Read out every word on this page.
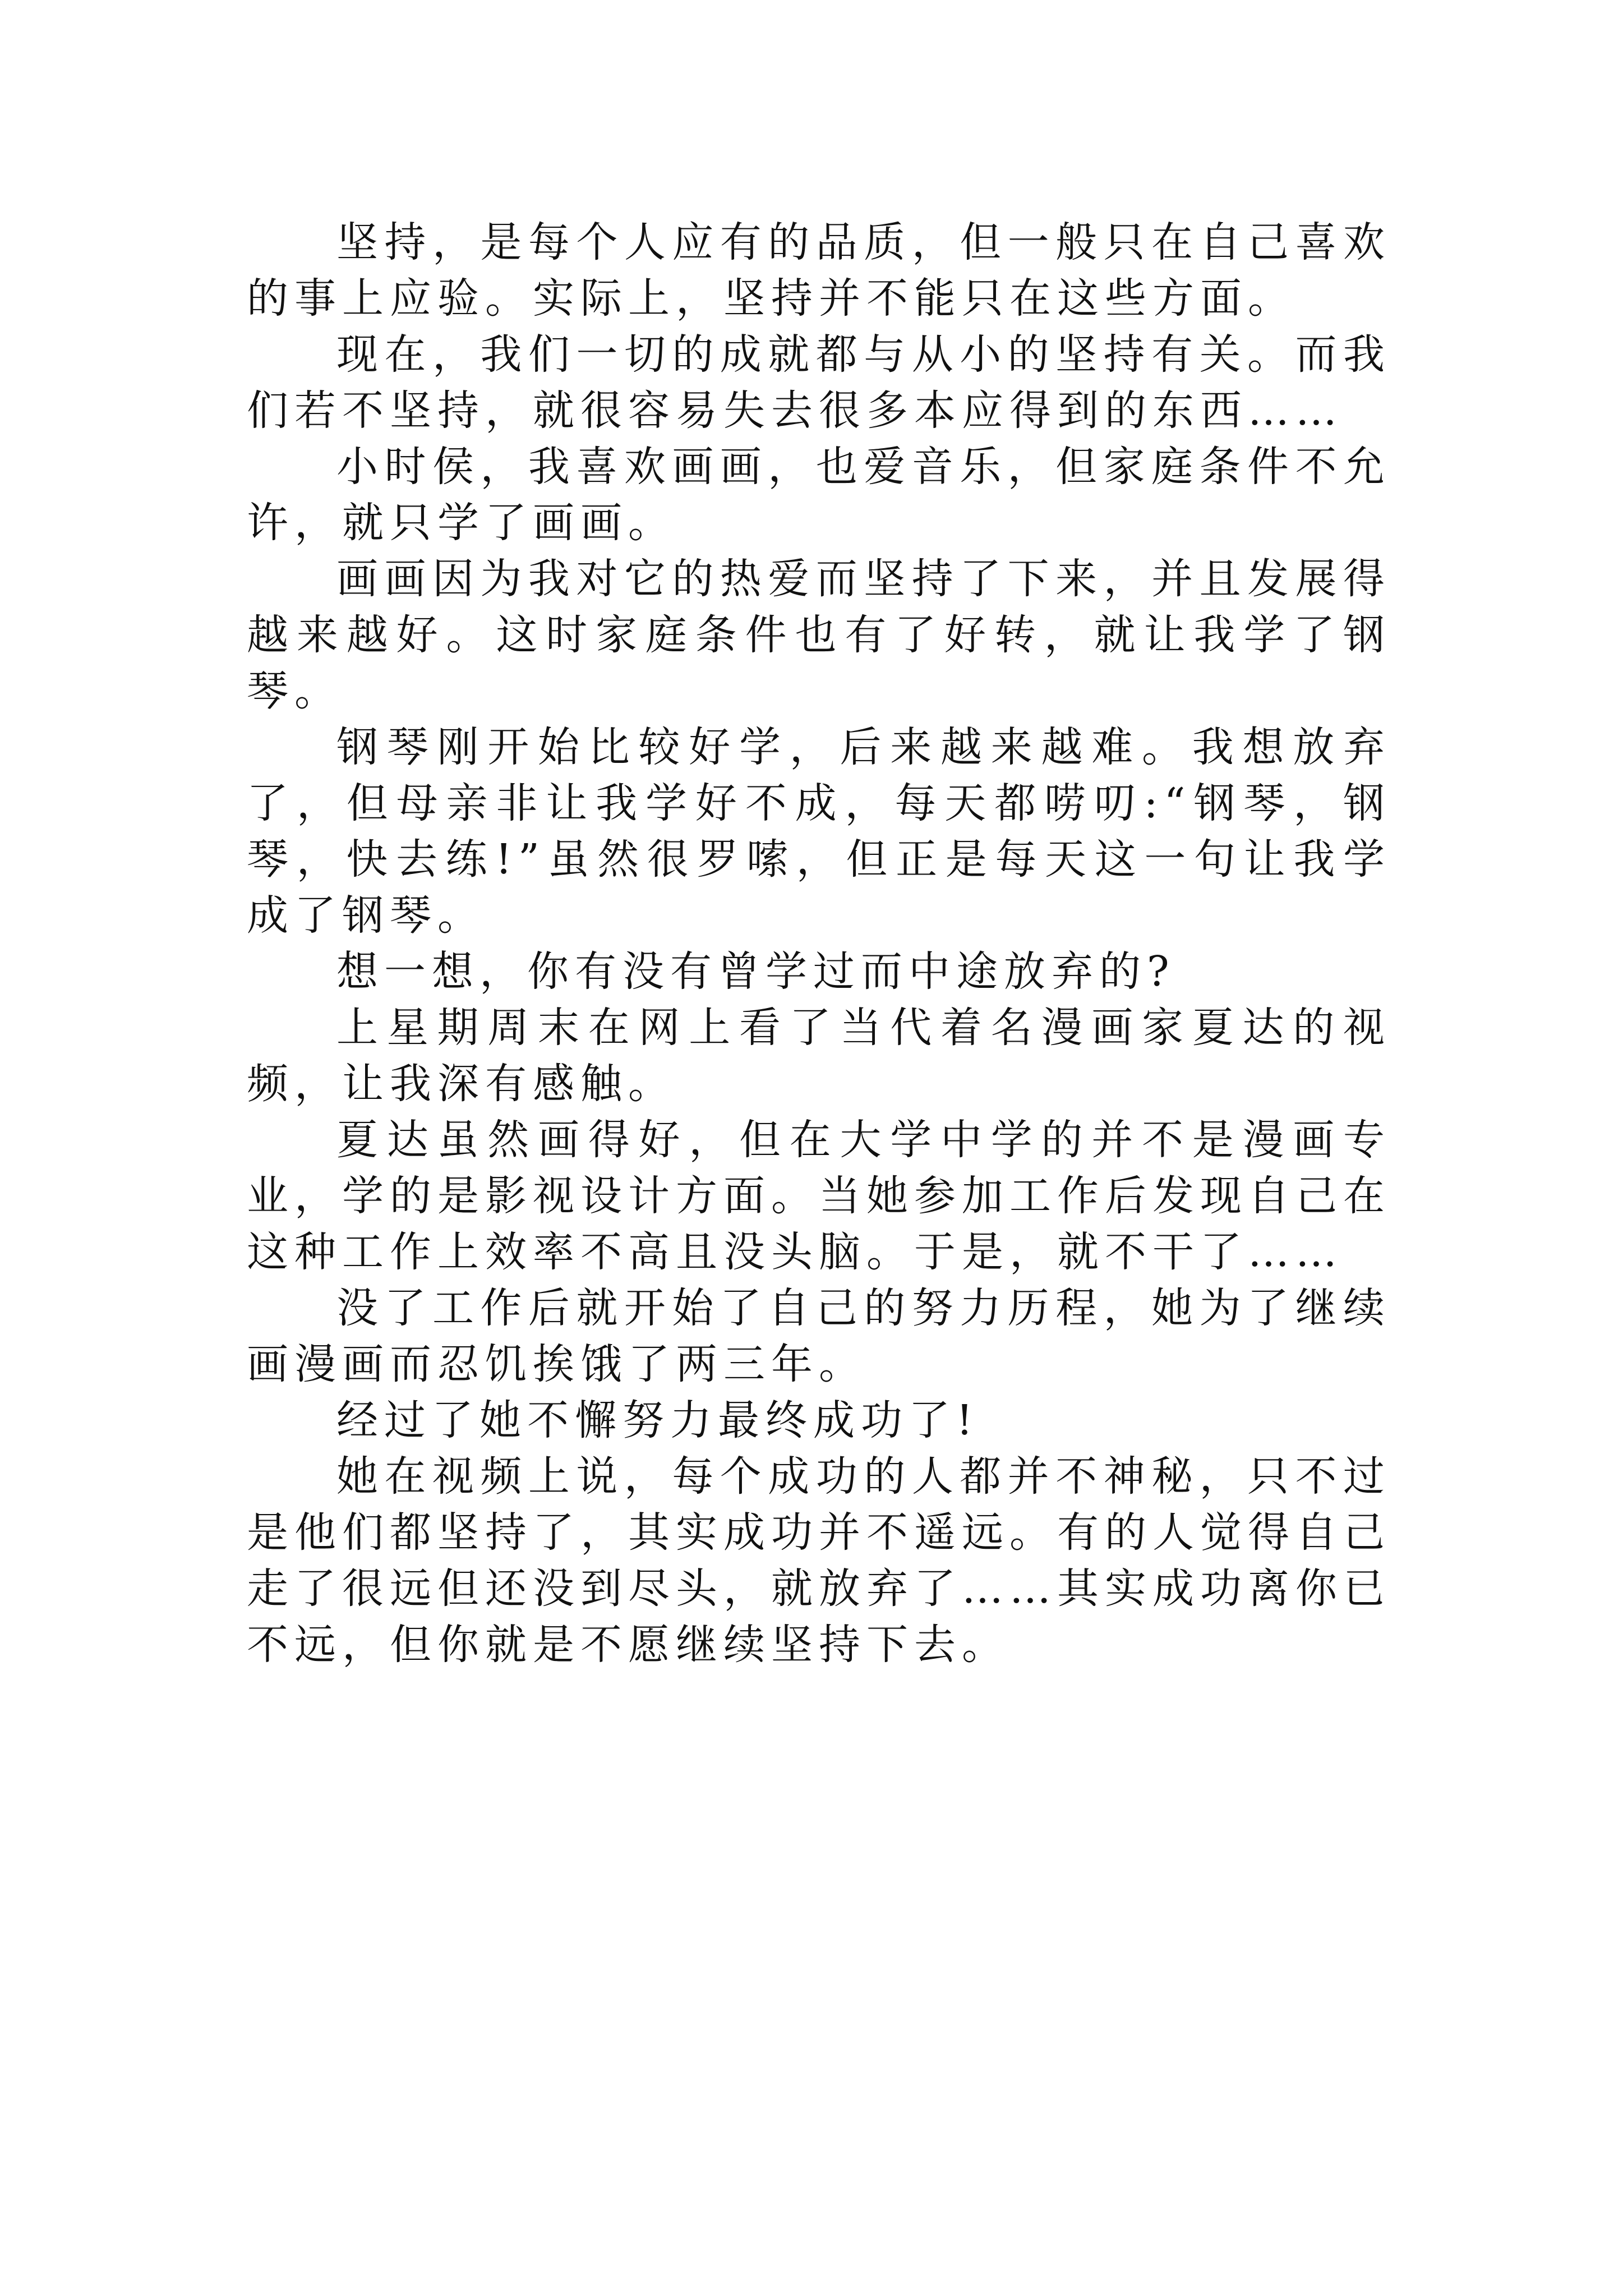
坚持，是每个人应有的品质，但一般只在自己喜欢的事上应验。实际上，坚持并不能只在这些方面。

现在，我们一切的成就都与从小的坚持有关。而我们若不坚持，就很容易失去很多本应得到的东西……

小时侯，我喜欢画画，也爱音乐，但家庭条件不允许，就只学了画画。

画画因为我对它的热爱而坚持了下来，并且发展得越来越好。这时家庭条件也有了好转，就让我学了钢琴。

钢琴刚开始比较好学，后来越来越难。我想放弃了，但母亲非让我学好不成，每天都唠叨:“钢琴，钢琴，快去练!”虽然很罗嗦，但正是每天这一句让我学成了钢琴。

想一想，你有没有曾学过而中途放弃的?

上星期周末在网上看了当代着名漫画家夏达的视频，让我深有感触。

夏达虽然画得好，但在大学中学的并不是漫画专业，学的是影视设计方面。当她参加工作后发现自己在这种工作上效率不高且没头脑。于是，就不干了……

没了工作后就开始了自己的努力历程，她为了继续画漫画而忍饥挨饿了两三年。

经过了她不懈努力最终成功了!

她在视频上说，每个成功的人都并不神秘，只不过是他们都坚持了，其实成功并不遥远。有的人觉得自己走了很远但还没到尽头，就放弃了……其实成功离你已不远，但你就是不愿继续坚持下去。
